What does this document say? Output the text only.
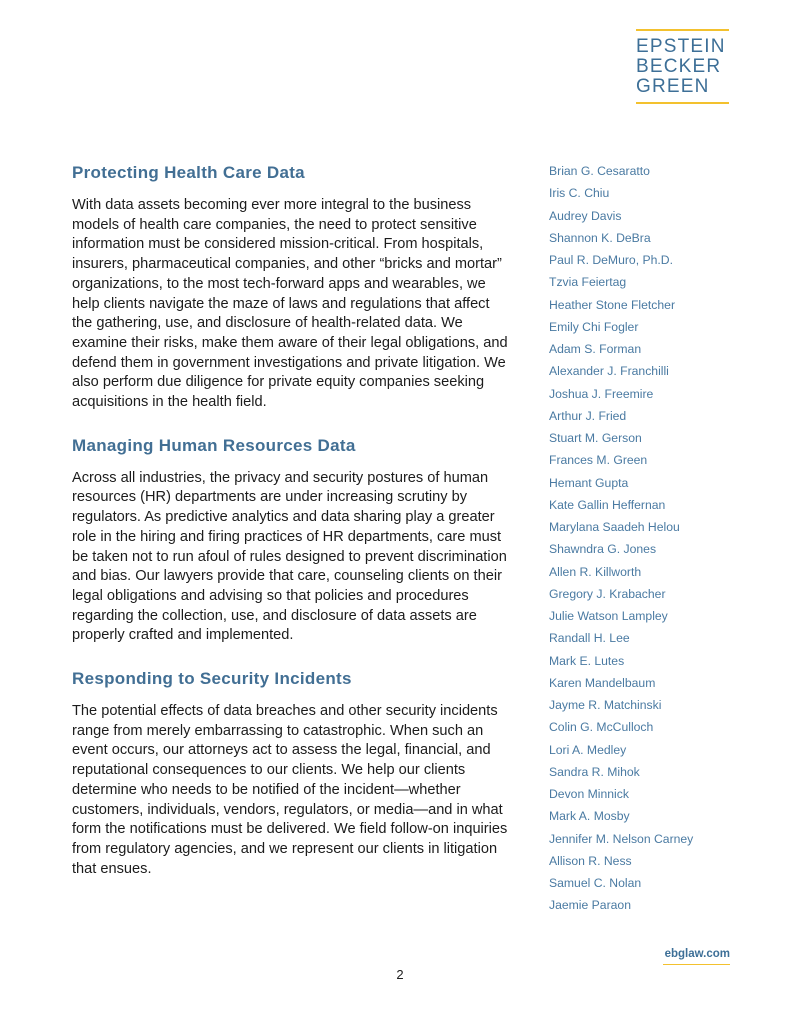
EPSTEIN
BECKER
GREEN
Protecting Health Care Data

With data assets becoming ever more integral to the business models of health care companies, the need to protect sensitive information must be considered mission-critical. From hospitals, insurers, pharmaceutical companies, and other “bricks and mortar” organizations, to the most tech-forward apps and wearables, we help clients navigate the maze of laws and regulations that affect the gathering, use, and disclosure of health-related data. We examine their risks, make them aware of their legal obligations, and defend them in government investigations and private litigation. We also perform due diligence for private equity companies seeking acquisitions in the health field.

Managing Human Resources Data

Across all industries, the privacy and security postures of human resources (HR) departments are under increasing scrutiny by regulators. As predictive analytics and data sharing play a greater role in the hiring and firing practices of HR departments, care must be taken not to run afoul of rules designed to prevent discrimination and bias. Our lawyers provide that care, counseling clients on their legal obligations and advising so that policies and procedures regarding the collection, use, and disclosure of data assets are properly crafted and implemented.

Responding to Security Incidents

The potential effects of data breaches and other security incidents range from merely embarrassing to catastrophic. When such an event occurs, our attorneys act to assess the legal, financial, and reputational consequences to our clients. We help our clients determine who needs to be notified of the incident—whether customers, individuals, vendors, regulators, or media—and in what form the notifications must be delivered. We field follow-on inquiries from regulatory agencies, and we represent our clients in litigation that ensues.

Brian G. Cesaratto
Iris C. Chiu
Audrey Davis
Shannon K. DeBra
Paul R. DeMuro, Ph.D.
Tzvia Feiertag
Heather Stone Fletcher
Emily Chi Fogler
Adam S. Forman
Alexander J. Franchilli
Joshua J. Freemire
Arthur J. Fried
Stuart M. Gerson
Frances M. Green
Hemant Gupta
Kate Gallin Heffernan
Marylana Saadeh Helou
Shawndra G. Jones
Allen R. Killworth
Gregory J. Krabacher
Julie Watson Lampley
Randall H. Lee
Mark E. Lutes
Karen Mandelbaum
Jayme R. Matchinski
Colin G. McCulloch
Lori A. Medley
Sandra R. Mihok
Devon Minnick
Mark A. Mosby
Jennifer M. Nelson Carney
Allison R. Ness
Samuel C. Nolan
Jaemie Paraon
ebglaw.com
2
